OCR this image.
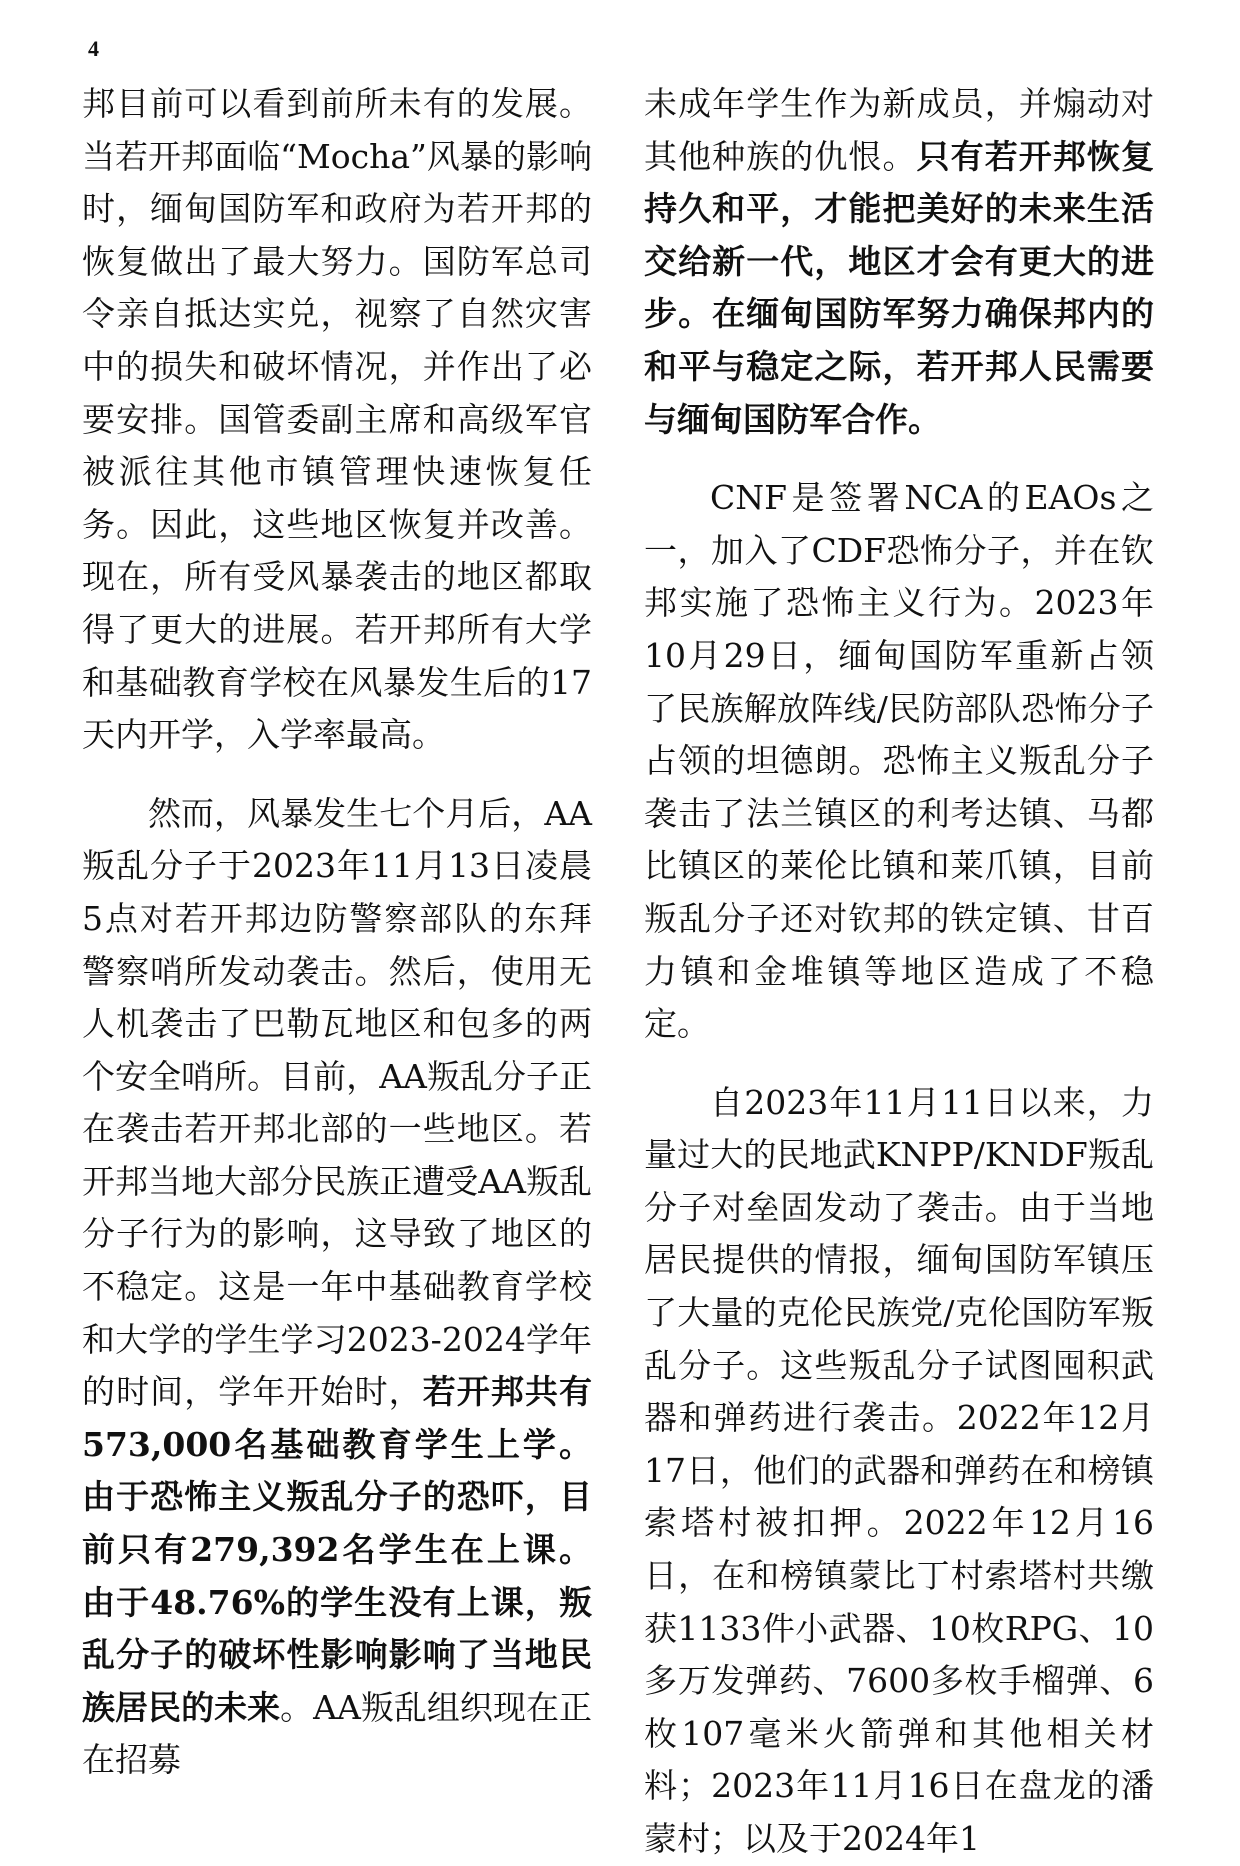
4

邦目前可以看到前所未有的发展。当若开邦面临“Mocha”风暴的影响时，缅甸国防军和政府为若开邦的恢复做出了最大努力。国防军总司令亲自抵达实兑，视察了自然灾害中的损失和破坏情况，并作出了必要安排。国管委副主席和高级军官被派往其他市镇管理快速恢复任务。因此，这些地区恢复并改善。现在，所有受风暴袭击的地区都取得了更大的进展。若开邦所有大学和基础教育学校在风暴发生后的17天内开学，入学率最高。

然而，风暴发生七个月后，AA叛乱分子于2023年11月13日凌晨5点对若开邦边防警察部队的东拜警察哨所发动袭击。然后，使用无人机袭击了巴勒瓦地区和包多的两个安全哨所。目前，AA叛乱分子正在袭击若开邦北部的一些地区。若开邦当地大部分民族正遭受AA叛乱分子行为的影响，这导致了地区的不稳定。这是一年中基础教育学校和大学的学生学习2023-2024学年的时间，学年开始时，若开邦共有573,000名基础教育学生上学。由于恐怖主义叛乱分子的恐吓，目前只有279,392名学生在上课。由于48.76%的学生没有上课，叛乱分子的破坏性影响影响了当地民族居民的未来。AA叛乱组织现在正在招募

未成年学生作为新成员，并煽动对其他种族的仇恨。只有若开邦恢复持久和平，才能把美好的未来生活交给新一代，地区才会有更大的进步。在缅甸国防军努力确保邦内的和平与稳定之际，若开邦人民需要与缅甸国防军合作。

CNF是签署NCA的EAOs之一，加入了CDF恐怖分子，并在钦邦实施了恐怖主义行为。2023年10月29日，缅甸国防军重新占领了民族解放阵线/民防部队恐怖分子占领的坦德朗。恐怖主义叛乱分子袭击了法兰镇区的利考达镇、马都比镇区的莱伦比镇和莱爪镇，目前叛乱分子还对钦邦的铁定镇、甘百力镇和金堆镇等地区造成了不稳定。

自2023年11月11日以来，力量过大的民地武KNPP/KNDF叛乱分子对垒固发动了袭击。由于当地居民提供的情报，缅甸国防军镇压了大量的克伦民族党/克伦国防军叛乱分子。这些叛乱分子试图囤积武器和弹药进行袭击。2022年12月17日，他们的武器和弹药在和榜镇索塔村被扣押。2022年12月16日，在和榜镇蒙比丁村索塔村共缴获1133件小武器、10枚RPG、10多万发弹药、7600多枚手榴弹、6枚107毫米火箭弹和其他相关材料；2023年11月16日在盘龙的潘蒙村；以及于2024年1
